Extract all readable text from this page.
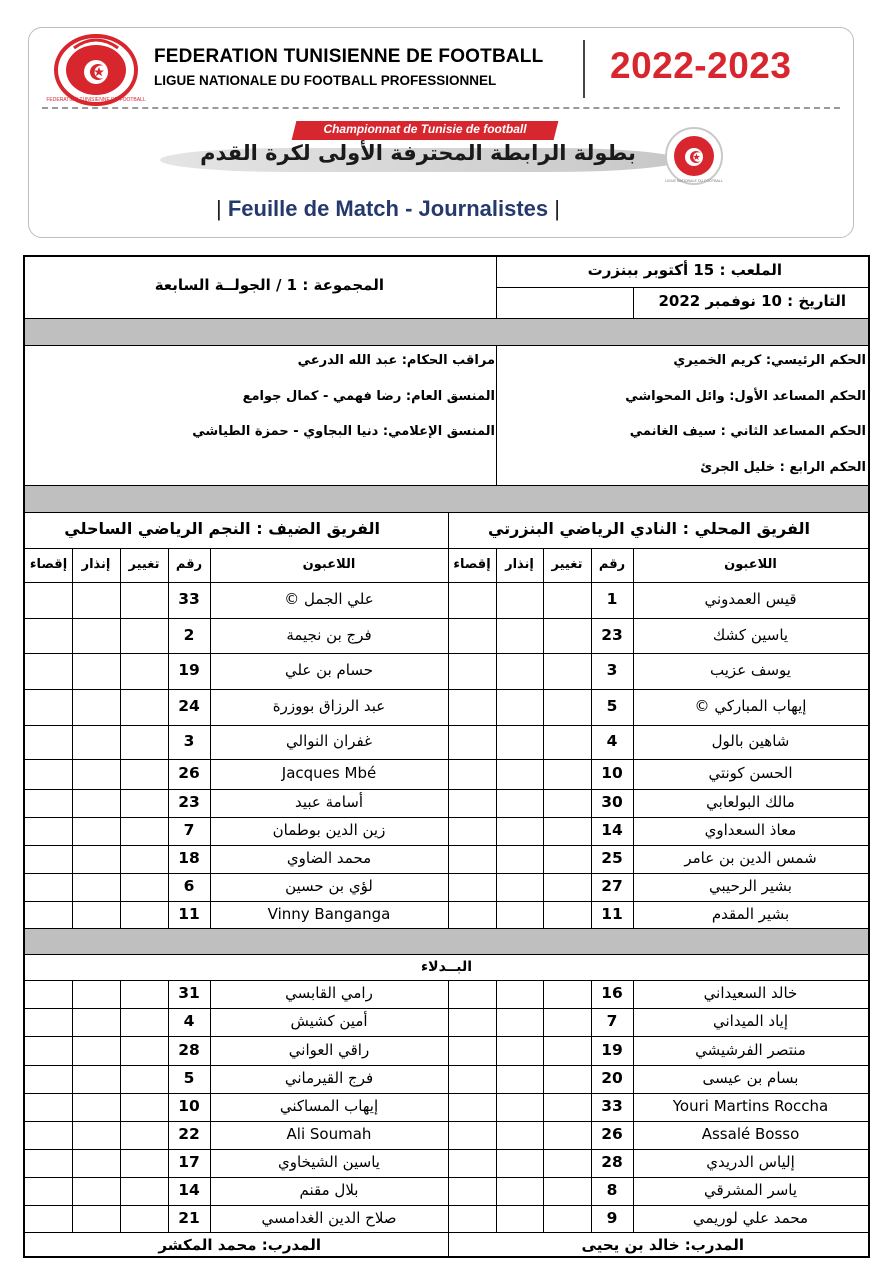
FEDERATION TUNISIENNE DE FOOTBALL
FEDERATION TUNISIENNE DE FOOTBALL
LIGUE NATIONALE DU FOOTBALL PROFESSIONNEL	2022-2023
Championnat de Tunisie de football
بطولة الرابطة المحترفة الأولى لكرة القدم
LIGUE NATIONALE DU FOOTBALL
| Feuille de Match - Journalistes |
الملعب : 15 أكتوبر ببنزرت
التاريخ : 10 نوفمبر 2022
المجموعة : 1 / الجولــة السابعة
الحكم الرئيسي: كريم الخميري
الحكم المساعد الأول: وائل المحواشي
الحكم المساعد الثاني : سيف الغانمي
الحكم الرابع : خليل الجرئ
مراقب الحكام: عبد الله الدرعي
المنسق العام: رضا فهمي - كمال جوامع
المنسق الإعلامي: دنيا البجاوي - حمزة الطياشي
الفريق المحلي : النادي الرياضي البنزرتي
الفريق الضيف : النجم الرياضي الساحلي
اللاعبون
رقم
تغيير
إنذار
إقصاء
اللاعبون
رقم
تغيير
إنذار
إقصاء
قيس العمدوني
1
ياسين كشك
23
يوسف عزيب
3
إيهاب المباركي ©
5
شاهين بالول
4
الحسن كونتي
10
مالك البولعابي
30
معاذ السعداوي
14
شمس الدين بن عامر
25
بشير الرحيبي
27
بشير المقدم
11
علي الجمل ©
33
فرج بن نجيمة
2
حسام بن علي
19
عبد الرزاق بووزرة
24
غفران النوالي
3
Jacques Mbé
26
أسامة عبيد
23
زين الدين بوطمان
7
محمد الضاوي
18
لؤي بن حسين
6
Vinny Banganga
11
البــدلاء
خالد السعيداني
16
إياد الميداني
7
منتصر الفرشيشي
19
بسام بن عيسى
20
Youri Martins Roccha
33
Assalé Bosso
26
إلياس الدريدي
28
ياسر المشرقي
8
محمد علي لوريمي
9
رامي القابسي
31
أمين كشيش
4
راقي العواني
28
فرج القيرماني
5
إيهاب المساكني
10
Ali Soumah
22
ياسين الشيخاوي
17
بلال مقنم
14
صلاح الدين الغدامسي
21
المدرب: خالد بن يحيى
المدرب: محمد المكشر
